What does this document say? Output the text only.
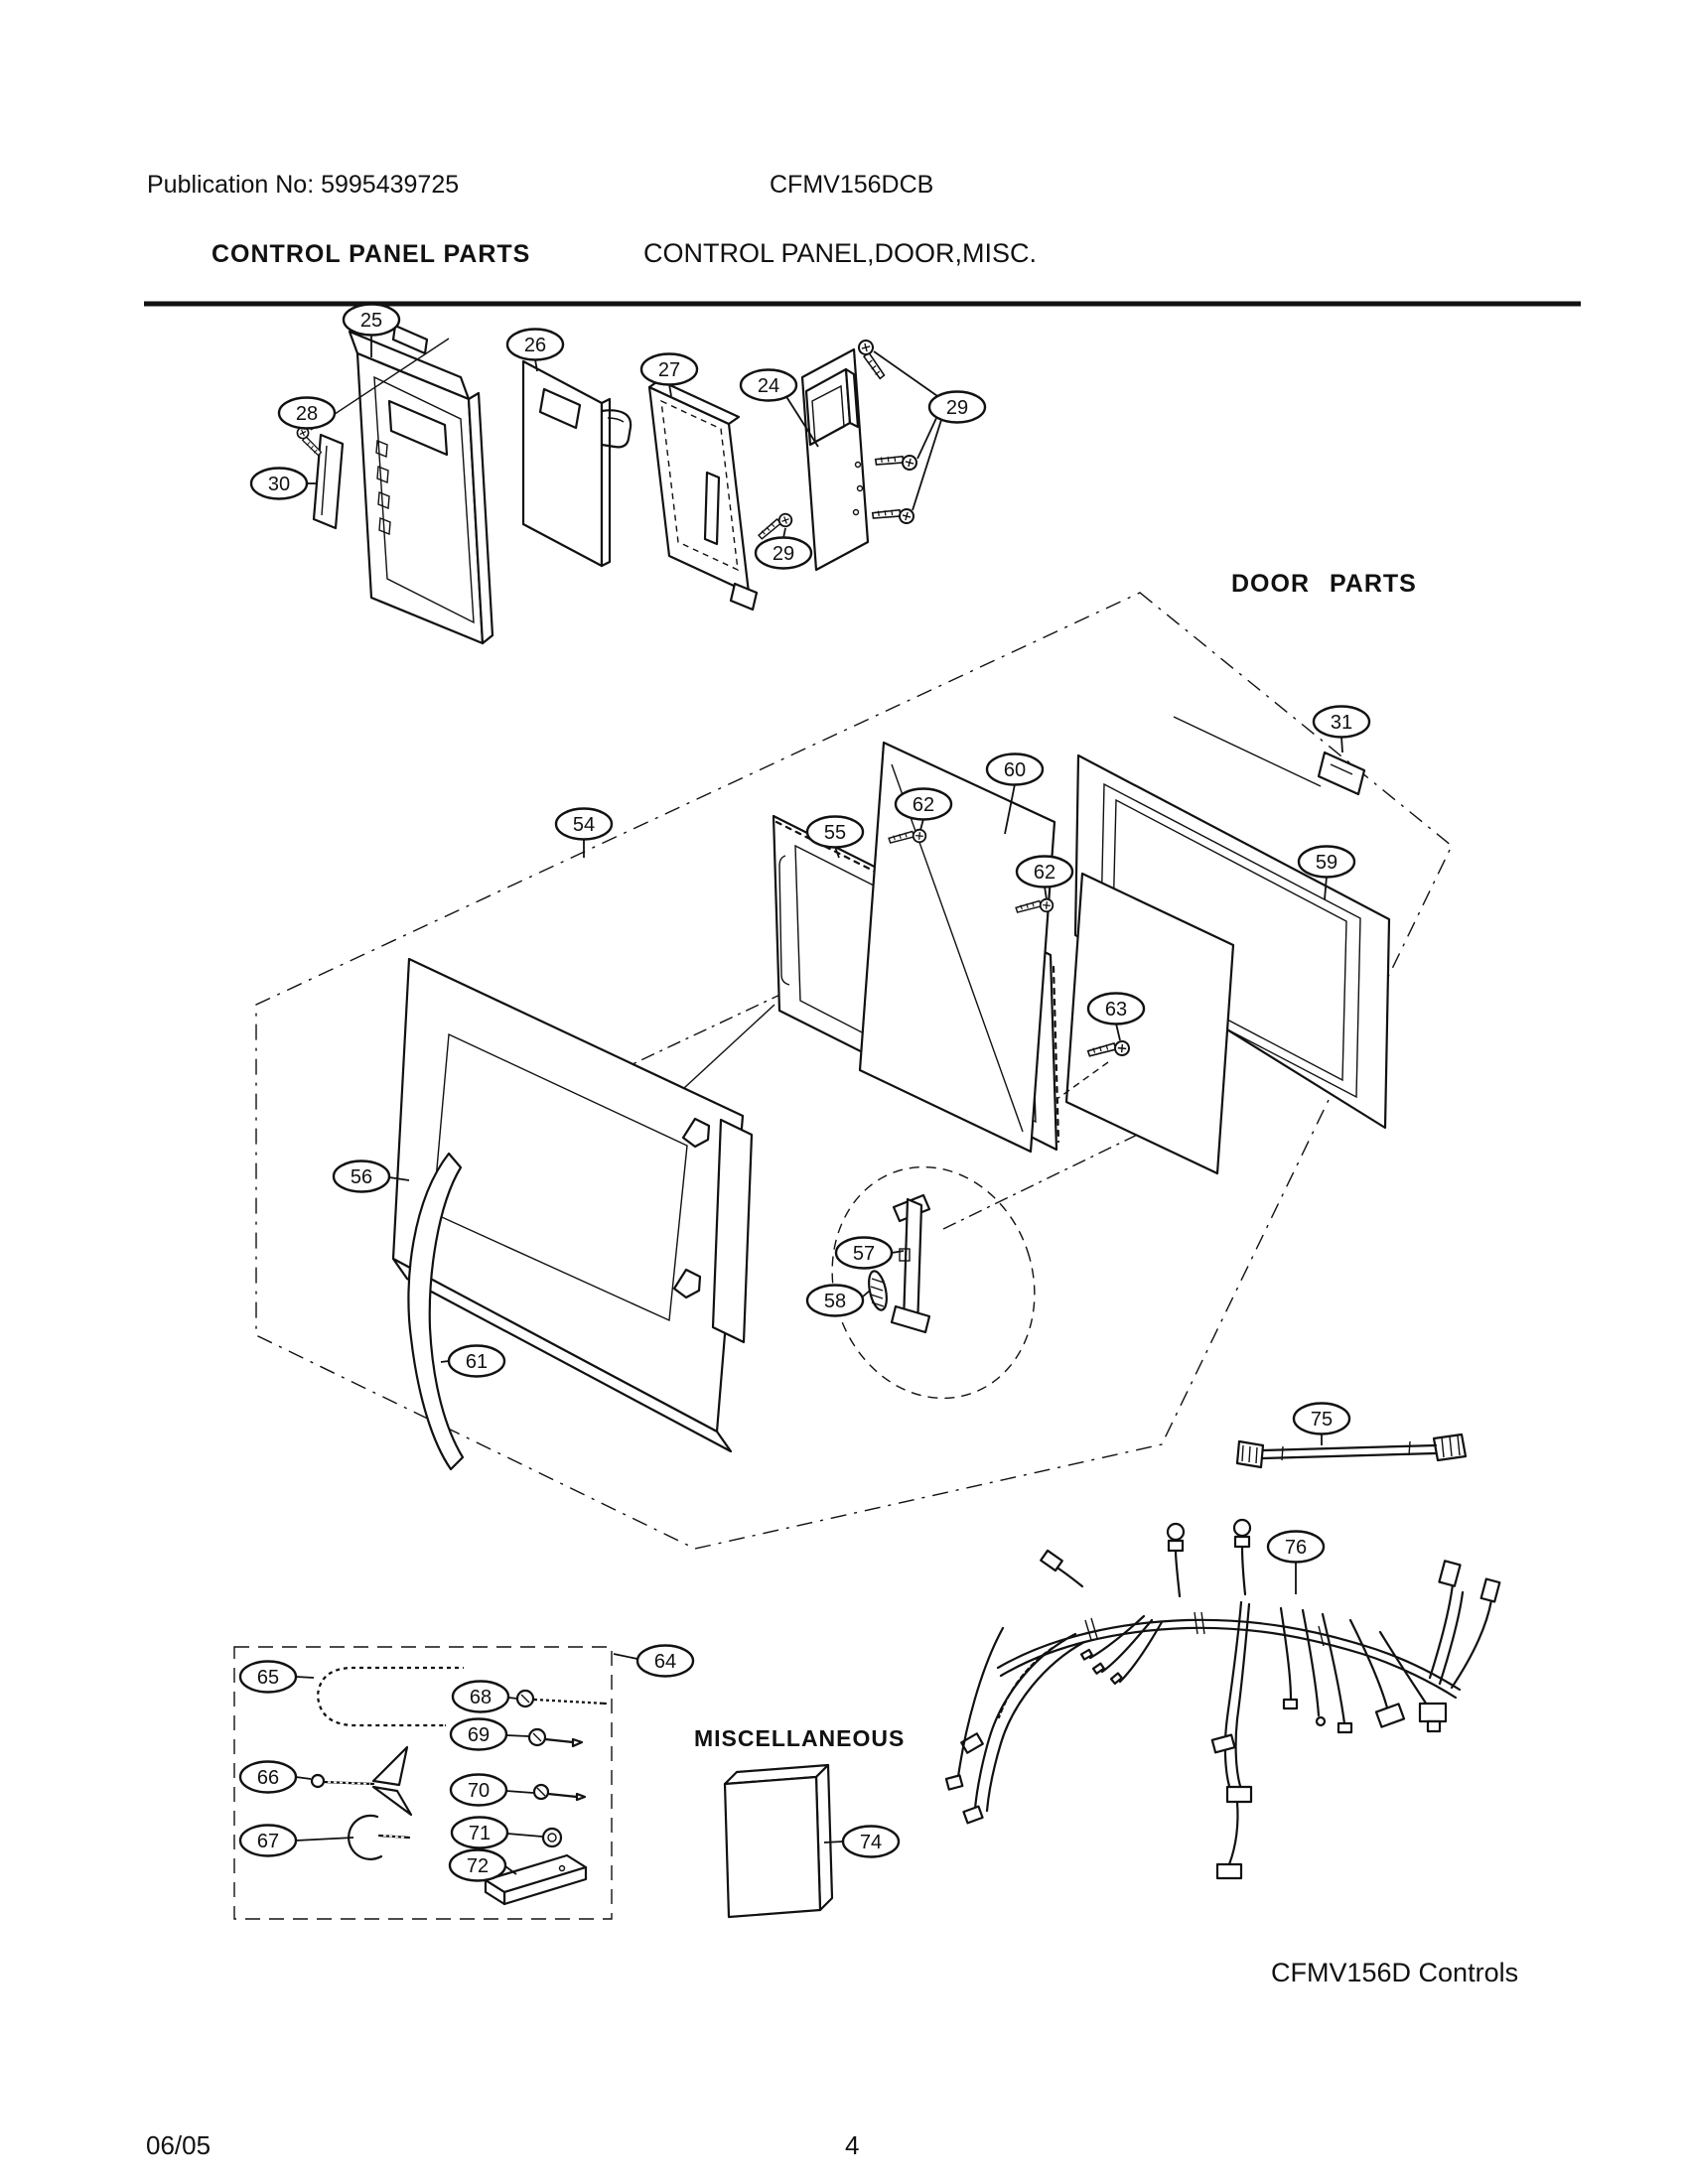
Publication No: 5995439725	CFMV156DCB
CONTROL PANEL,DOOR,MISC.
CONTROL PANEL PARTS
DOOR PARTS
MISCELLANEOUS
CFMV156D Controls
06/05	4
25
28
30
26
27
24
29
29
31
60
62
55
59
62
54
56
63
57
58
61
64
65
68
69
66
70
67	71
72
74
75
76
